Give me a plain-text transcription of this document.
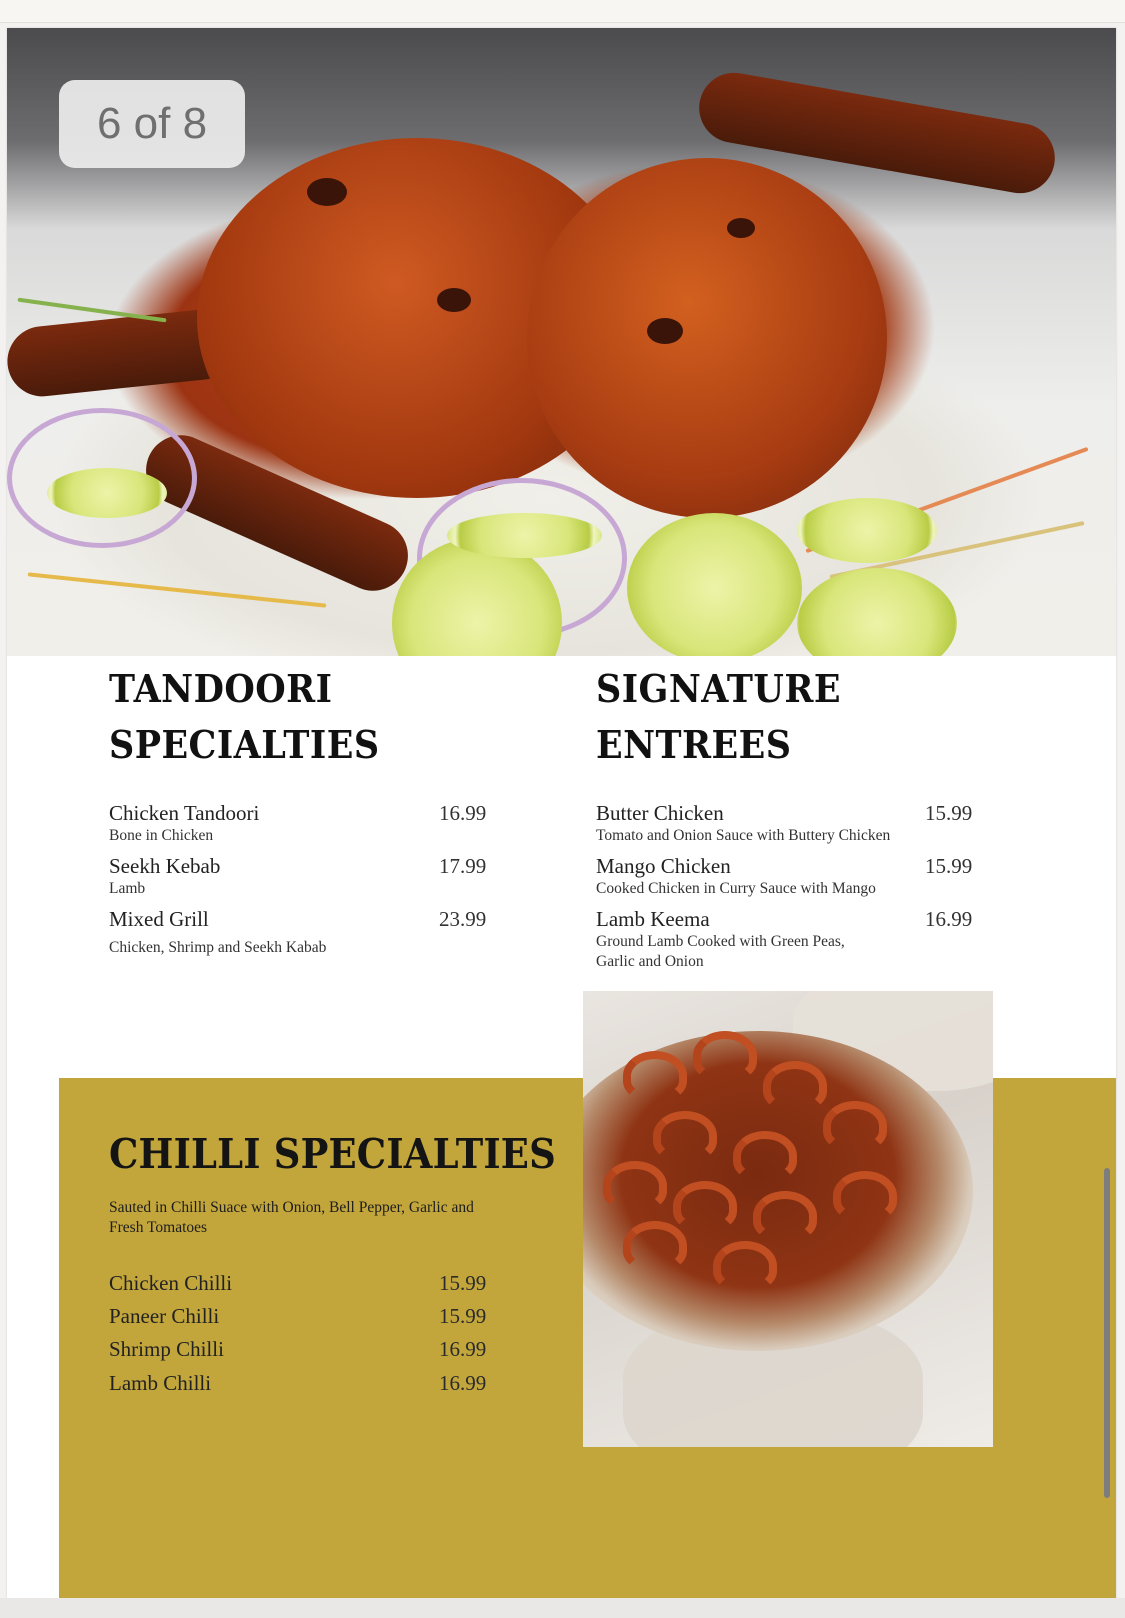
6 of 8
TANDOORI
SPECIALTIES
Chicken Tandoori
Bone in Chicken
16.99
Seekh Kebab
Lamb
17.99
Mixed Grill
Chicken, Shrimp and Seekh Kabab
23.99
SIGNATURE
ENTREES
Butter Chicken
Tomato and Onion Sauce with Buttery Chicken
15.99
Mango Chicken
Cooked Chicken in Curry Sauce with Mango
15.99
Lamb Keema
Ground Lamb Cooked with Green Peas,
Garlic and Onion
16.99
CHILLI SPECIALTIES
Sauted in Chilli Suace with Onion, Bell Pepper, Garlic and
Fresh Tomatoes
Chicken Chilli	15.99
Paneer Chilli	15.99
Shrimp Chilli	16.99
Lamb Chilli	16.99
